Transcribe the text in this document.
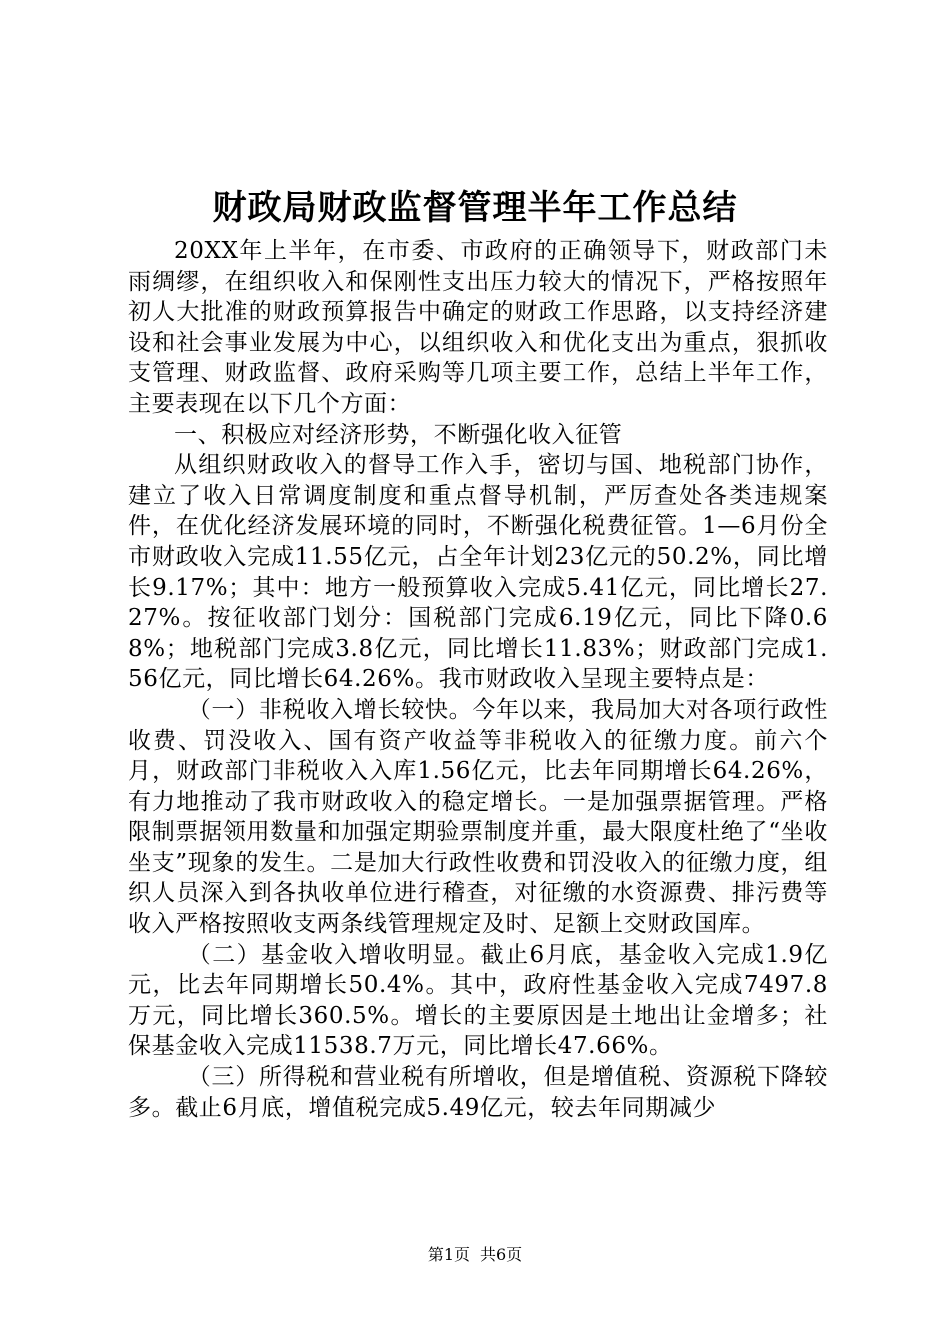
财政局财政监督管理半年工作总结

20XX年上半年，在市委、市政府的正确领导下，财政部门未雨绸缪，在组织收入和保刚性支出压力较大的情况下，严格按照年初人大批准的财政预算报告中确定的财政工作思路，以支持经济建设和社会事业发展为中心，以组织收入和优化支出为重点，狠抓收支管理、财政监督、政府采购等几项主要工作，总结上半年工作，主要表现在以下几个方面：

一、积极应对经济形势，不断强化收入征管

从组织财政收入的督导工作入手，密切与国、地税部门协作，建立了收入日常调度制度和重点督导机制，严厉查处各类违规案件，在优化经济发展环境的同时，不断强化税费征管。1—6月份全市财政收入完成11.55亿元，占全年计划23亿元的50.2%，同比增长9.17%；其中：地方一般预算收入完成5.41亿元，同比增长27.27%。按征收部门划分：国税部门完成6.19亿元，同比下降0.68%；地税部门完成3.8亿元，同比增长11.83%；财政部门完成1.56亿元，同比增长64.26%。我市财政收入呈现主要特点是：

（一）非税收入增长较快。今年以来，我局加大对各项行政性收费、罚没收入、国有资产收益等非税收入的征缴力度。前六个月，财政部门非税收入入库1.56亿元，比去年同期增长64.26%，有力地推动了我市财政收入的稳定增长。一是加强票据管理。严格限制票据领用数量和加强定期验票制度并重，最大限度杜绝了“坐收坐支”现象的发生。二是加大行政性收费和罚没收入的征缴力度，组织人员深入到各执收单位进行稽查，对征缴的水资源费、排污费等收入严格按照收支两条线管理规定及时、足额上交财政国库。

（二）基金收入增收明显。截止6月底，基金收入完成1.9亿元，比去年同期增长50.4%。其中，政府性基金收入完成7497.8万元，同比增长360.5%。增长的主要原因是土地出让金增多；社保基金收入完成11538.7万元，同比增长47.66%。

（三）所得税和营业税有所增收，但是增值税、资源税下降较多。截止6月底，增值税完成5.49亿元，较去年同期减少

第1页 共6页
